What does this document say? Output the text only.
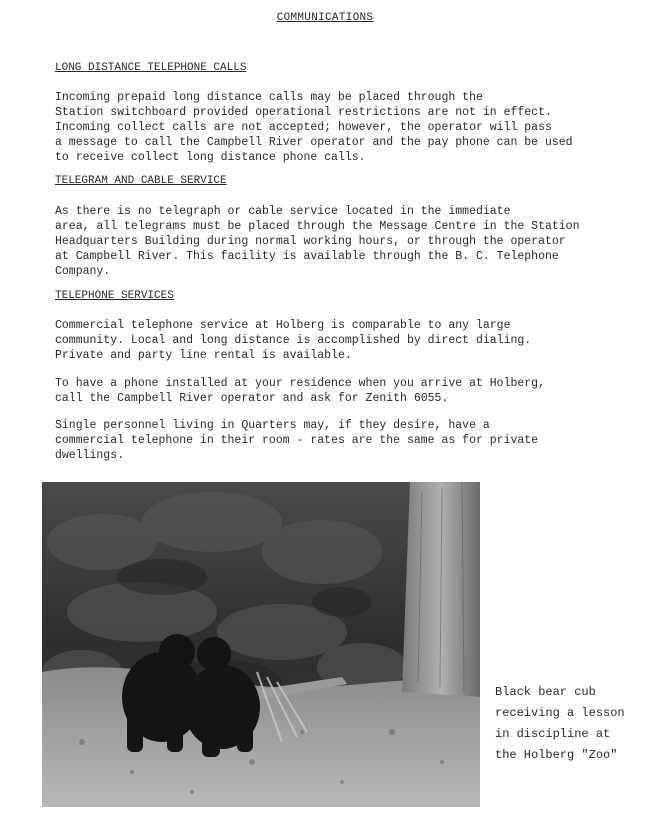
COMMUNICATIONS
LONG DISTANCE TELEPHONE CALLS

Incoming prepaid long distance calls may be placed through the
Station switchboard provided operational restrictions are not in effect.
Incoming collect calls are not accepted; however, the operator will pass
a message to call the Campbell River operator and the pay phone can be used
to receive collect long distance phone calls.

TELEGRAM AND CABLE SERVICE

As there is no telegraph or cable service located in the immediate
area, all telegrams must be placed through the Message Centre in the Station
Headquarters Building during normal working hours, or through the operator
at Campbell River. This facility is available through the B. C. Telephone
Company.

TELEPHONE SERVICES

Commercial telephone service at Holberg is comparable to any large
community. Local and long distance is accomplished by direct dialing.
Private and party line rental is available.

To have a phone installed at your residence when you arrive at Holberg,
call the Campbell River operator and ask for Zenith 6055.

Single personnel living in Quarters may, if they desire, have a
commercial telephone in their room - rates are the same as for private
dwellings.

Black bear cub
receiving a lesson
in discipline at
the Holberg "Zoo"
